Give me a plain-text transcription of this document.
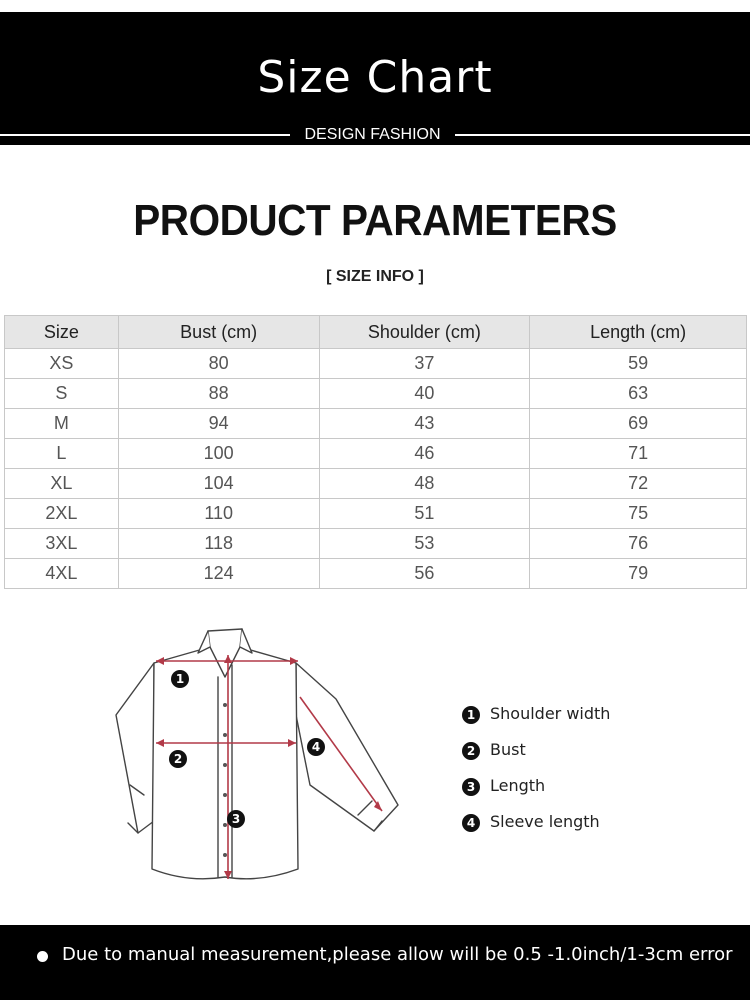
Size Chart
DESIGN FASHION
PRODUCT PARAMETERS
[ SIZE INFO ]
Size	Bust (cm)	Shoulder (cm)	Length (cm)
XS	80	37	59
S	88	40	63
M	94	43	69
L	100	46	71
XL	104	48	72
2XL	110	51	75
3XL	118	53	76
4XL	124	56	79
1
2
3
4
1 Shoulder width
2 Bust
3 Length
4 Sleeve length
Due to manual measurement,please allow will be 0.5 -1.0inch/1-3cm error
